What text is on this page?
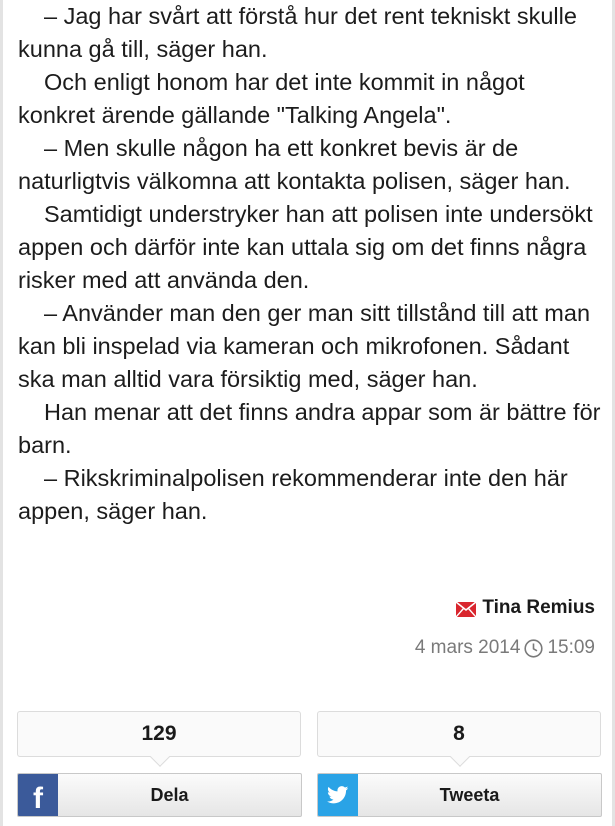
– Jag har svårt att förstå hur det rent tekniskt skulle kunna gå till, säger han.

Och enligt honom har det inte kommit in något konkret ärende gällande "Talking Angela".

– Men skulle någon ha ett konkret bevis är de naturligtvis välkomna att kontakta polisen, säger han.

Samtidigt understryker han att polisen inte undersökt appen och därför inte kan uttala sig om det finns några risker med att använda den.

– Använder man den ger man sitt tillstånd till att man kan bli inspelad via kameran och mikrofonen. Sådant ska man alltid vara försiktig med, säger han.

Han menar att det finns andra appar som är bättre för barn.

– Rikskriminalpolisen rekommenderar inte den här appen, säger han.

Tina Remius
4 mars 2014 15:09
129	8
f	Dela	Tweeta
